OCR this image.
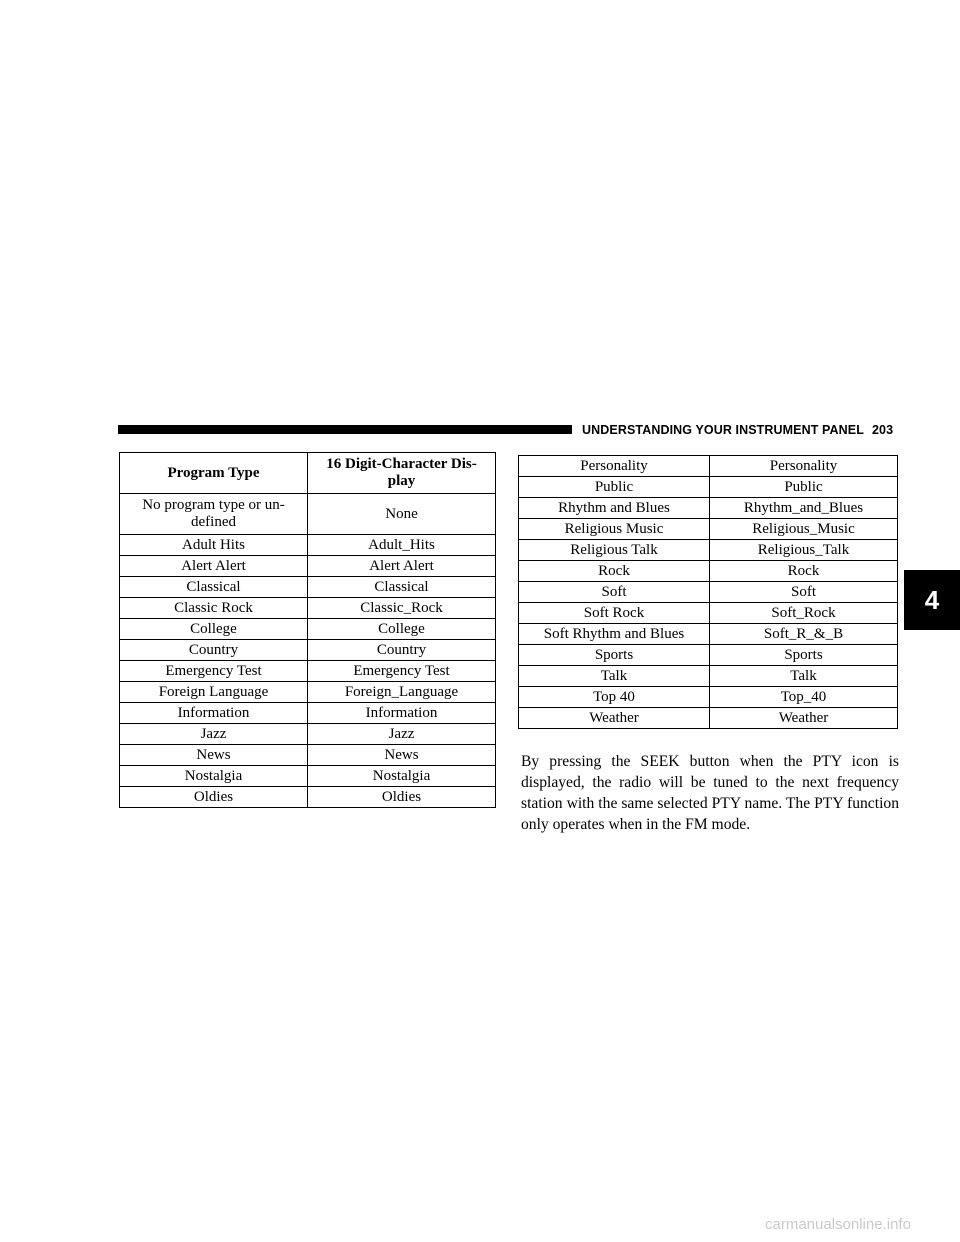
UNDERSTANDING YOUR INSTRUMENT PANEL 203
4
Program Type	16 Digit-Character Dis- play
No program type or un- defined	None
Adult Hits	Adult_Hits
Alert Alert	Alert Alert
Classical	Classical
Classic Rock	Classic_Rock
College	College
Country	Country
Emergency Test	Emergency Test
Foreign Language	Foreign_Language
Information	Information
Jazz	Jazz
News	News
Nostalgia	Nostalgia
Oldies	Oldies
Personality	Personality
Public	Public
Rhythm and Blues	Rhythm_and_Blues
Religious Music	Religious_Music
Religious Talk	Religious_Talk
Rock	Rock
Soft	Soft
Soft Rock	Soft_Rock
Soft Rhythm and Blues	Soft_R_&_B
Sports	Sports
Talk	Talk
Top 40	Top_40
Weather	Weather

By pressing the SEEK button when the PTY icon is displayed, the radio will be tuned to the next frequency station with the same selected PTY name. The PTY function only operates when in the FM mode.

carmanualsonline.info
